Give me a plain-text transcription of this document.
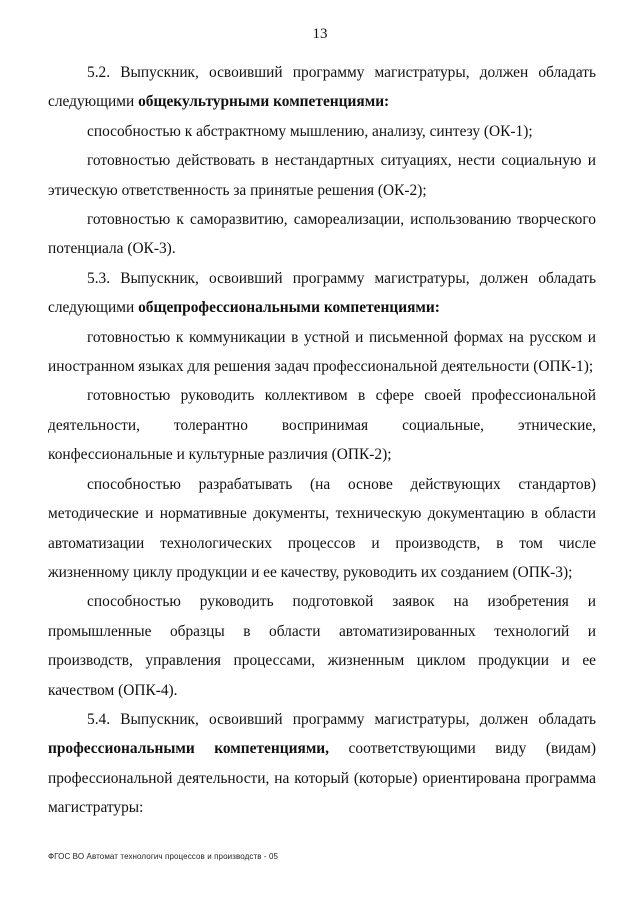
13

5.2. Выпускник, освоивший программу магистратуры, должен обладать следующими общекультурными компетенциями:

способностью к абстрактному мышлению, анализу, синтезу (ОК-1);

готовностью действовать в нестандартных ситуациях, нести социальную и этическую ответственность за принятые решения (ОК-2);

готовностью к саморазвитию, самореализации, использованию творческого потенциала (ОК-3).

5.3. Выпускник, освоивший программу магистратуры, должен обладать следующими общепрофессиональными компетенциями:

готовностью к коммуникации в устной и письменной формах на русском и иностранном языках для решения задач профессиональной деятельности (ОПК-1);

готовностью руководить коллективом в сфере своей профессиональной деятельности, толерантно воспринимая социальные, этнические, конфессиональные и культурные различия (ОПК-2);

способностью разрабатывать (на основе действующих стандартов) методические и нормативные документы, техническую документацию в области автоматизации технологических процессов и производств, в том числе жизненному циклу продукции и ее качеству, руководить их созданием (ОПК-3);

способностью руководить подготовкой заявок на изобретения и промышленные образцы в области автоматизированных технологий и производств, управления процессами, жизненным циклом продукции и ее качеством (ОПК-4).

5.4. Выпускник, освоивший программу магистратуры, должен обладать профессиональными компетенциями, соответствующими виду (видам) профессиональной деятельности, на который (которые) ориентирована программа магистратуры:

ФГОС ВО Автомат технологич процессов и производств - 05
